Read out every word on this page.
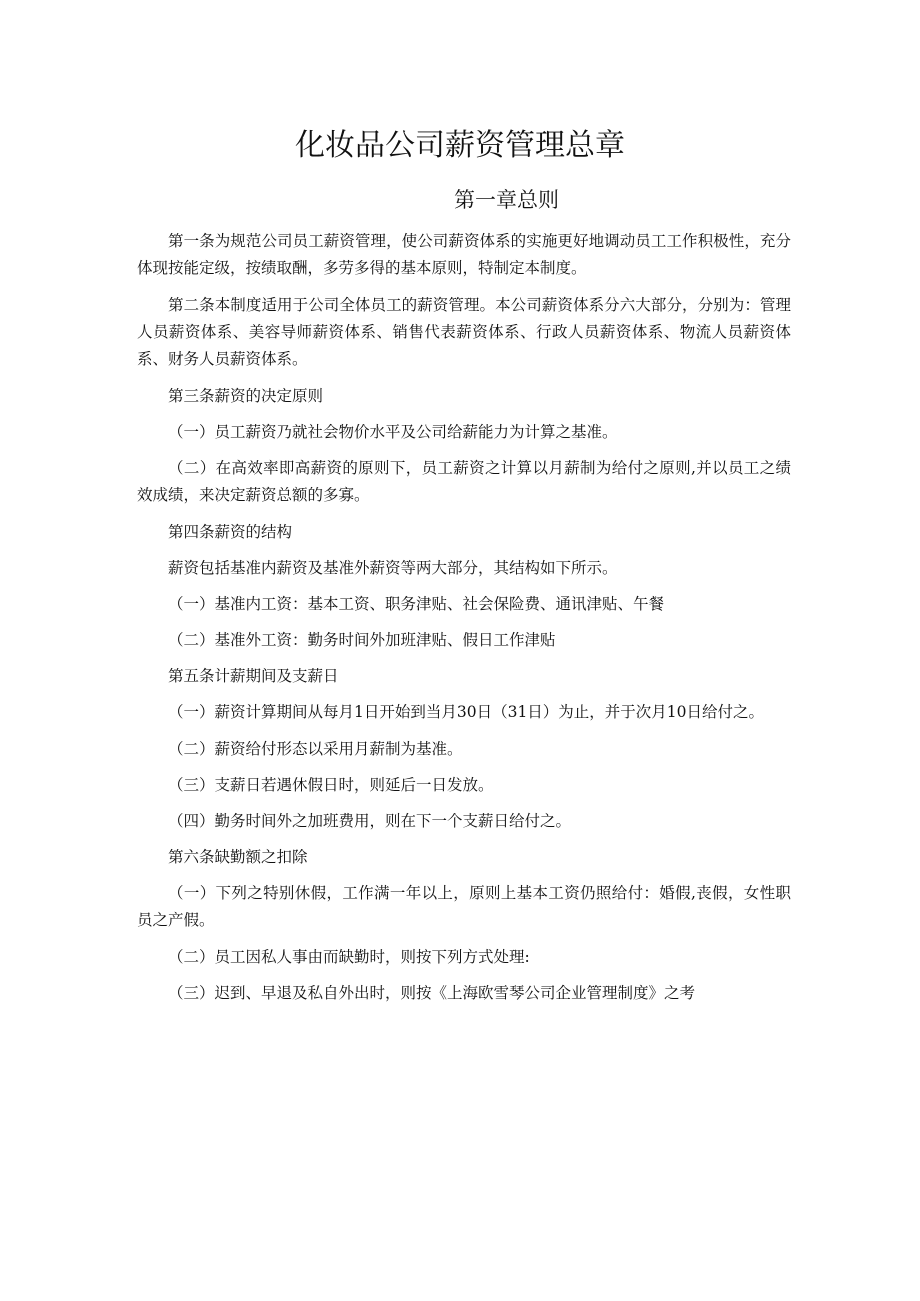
化妆品公司薪资管理总章
第一章总则

第一条为规范公司员工薪资管理，使公司薪资体系的实施更好地调动员工工作积极性，充分体现按能定级，按绩取酬，多劳多得的基本原则，特制定本制度。

第二条本制度适用于公司全体员工的薪资管理。本公司薪资体系分六大部分，分别为：管理人员薪资体系、美容导师薪资体系、销售代表薪资体系、行政人员薪资体系、物流人员薪资体系、财务人员薪资体系。

第三条薪资的决定原则

（一）员工薪资乃就社会物价水平及公司给薪能力为计算之基准。

（二）在高效率即高薪资的原则下，员工薪资之计算以月薪制为给付之原则,并以员工之绩效成绩，来决定薪资总额的多寡。

第四条薪资的结构

薪资包括基准内薪资及基准外薪资等两大部分，其结构如下所示。

（一）基准内工资：基本工资、职务津贴、社会保险费、通讯津贴、午餐

（二）基准外工资：勤务时间外加班津贴、假日工作津贴

第五条计薪期间及支薪日

（一）薪资计算期间从每月1日开始到当月30日（31日）为止，并于次月10日给付之。

（二）薪资给付形态以采用月薪制为基准。

（三）支薪日若遇休假日时，则延后一日发放。

（四）勤务时间外之加班费用，则在下一个支薪日给付之。

第六条缺勤额之扣除

（一）下列之特别休假，工作满一年以上，原则上基本工资仍照给付：婚假,丧假，女性职员之产假。

（二）员工因私人事由而缺勤时，则按下列方式处理:

（三）迟到、早退及私自外出时，则按《上海欧雪琴公司企业管理制度》之考
